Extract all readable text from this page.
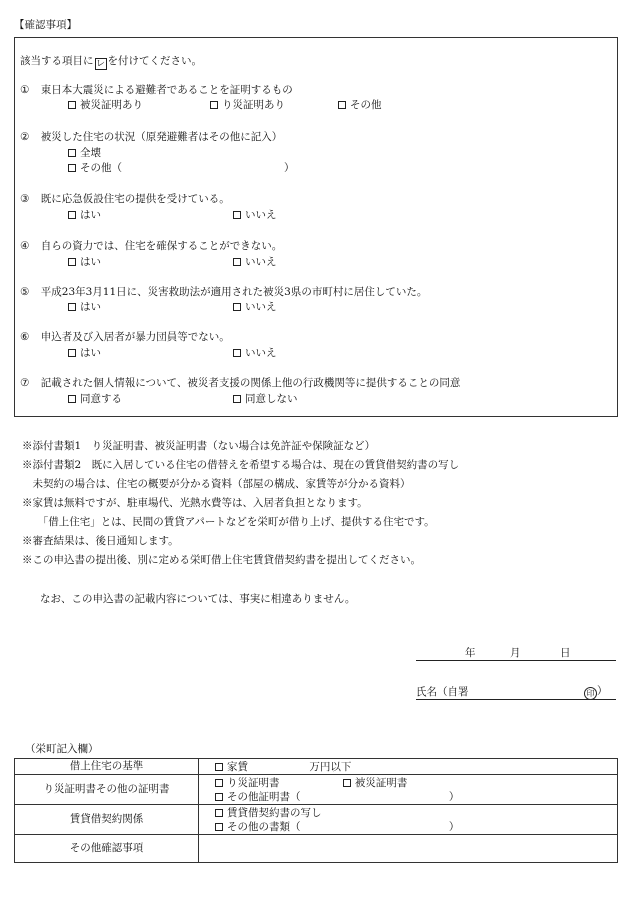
【確認事項】
該当する項目に レ を付けてください。
① 東日本大震災による避難者であることを証明するもの
被災証明あり	り災証明あり	その他
② 被災した住宅の状況（原発避難者はその他に記入）
全壊
その他（	）
③ 既に応急仮設住宅の提供を受けている。
はい	いいえ
④ 自らの資力では、住宅を確保することができない。
はい	いいえ
⑤ 平成23年3月11日に、災害救助法が適用された被災3県の市町村に居住していた。
はい	いいえ
⑥ 申込者及び入居者が暴力団員等でない。
はい	いいえ
⑦ 記載された個人情報について、被災者支援の関係上他の行政機関等に提供することの同意
同意する	同意しない
※添付書類1　り災証明書、被災証明書（ない場合は免許証や保険証など）
※添付書類2　既に入居している住宅の借替えを希望する場合は、現在の賃貸借契約書の写し
　未契約の場合は、住宅の概要が分かる資料（部屋の構成、家賃等が分かる資料）
※家賃は無料ですが、駐車場代、光熱水費等は、入居者負担となります。
　　「借上住宅」とは、民間の賃貸アパートなどを栄町が借り上げ、提供する住宅です。
※審査結果は、後日通知します。
※この申込書の提出後、別に定める栄町借上住宅賃貸借契約書を提出してください。
なお、この申込書の記載内容については、事実に相違ありません。
年	月	日
氏名（自署	印 ）
（栄町記入欄）
借上住宅の基準	家賃 万円以下

り災証明書その他の証明書	り災証明書 被災証明書
その他証明書（ ）

賃貸借契約関係	賃貸借契約書の写し
その他の書類（ ）

その他確認事項	
